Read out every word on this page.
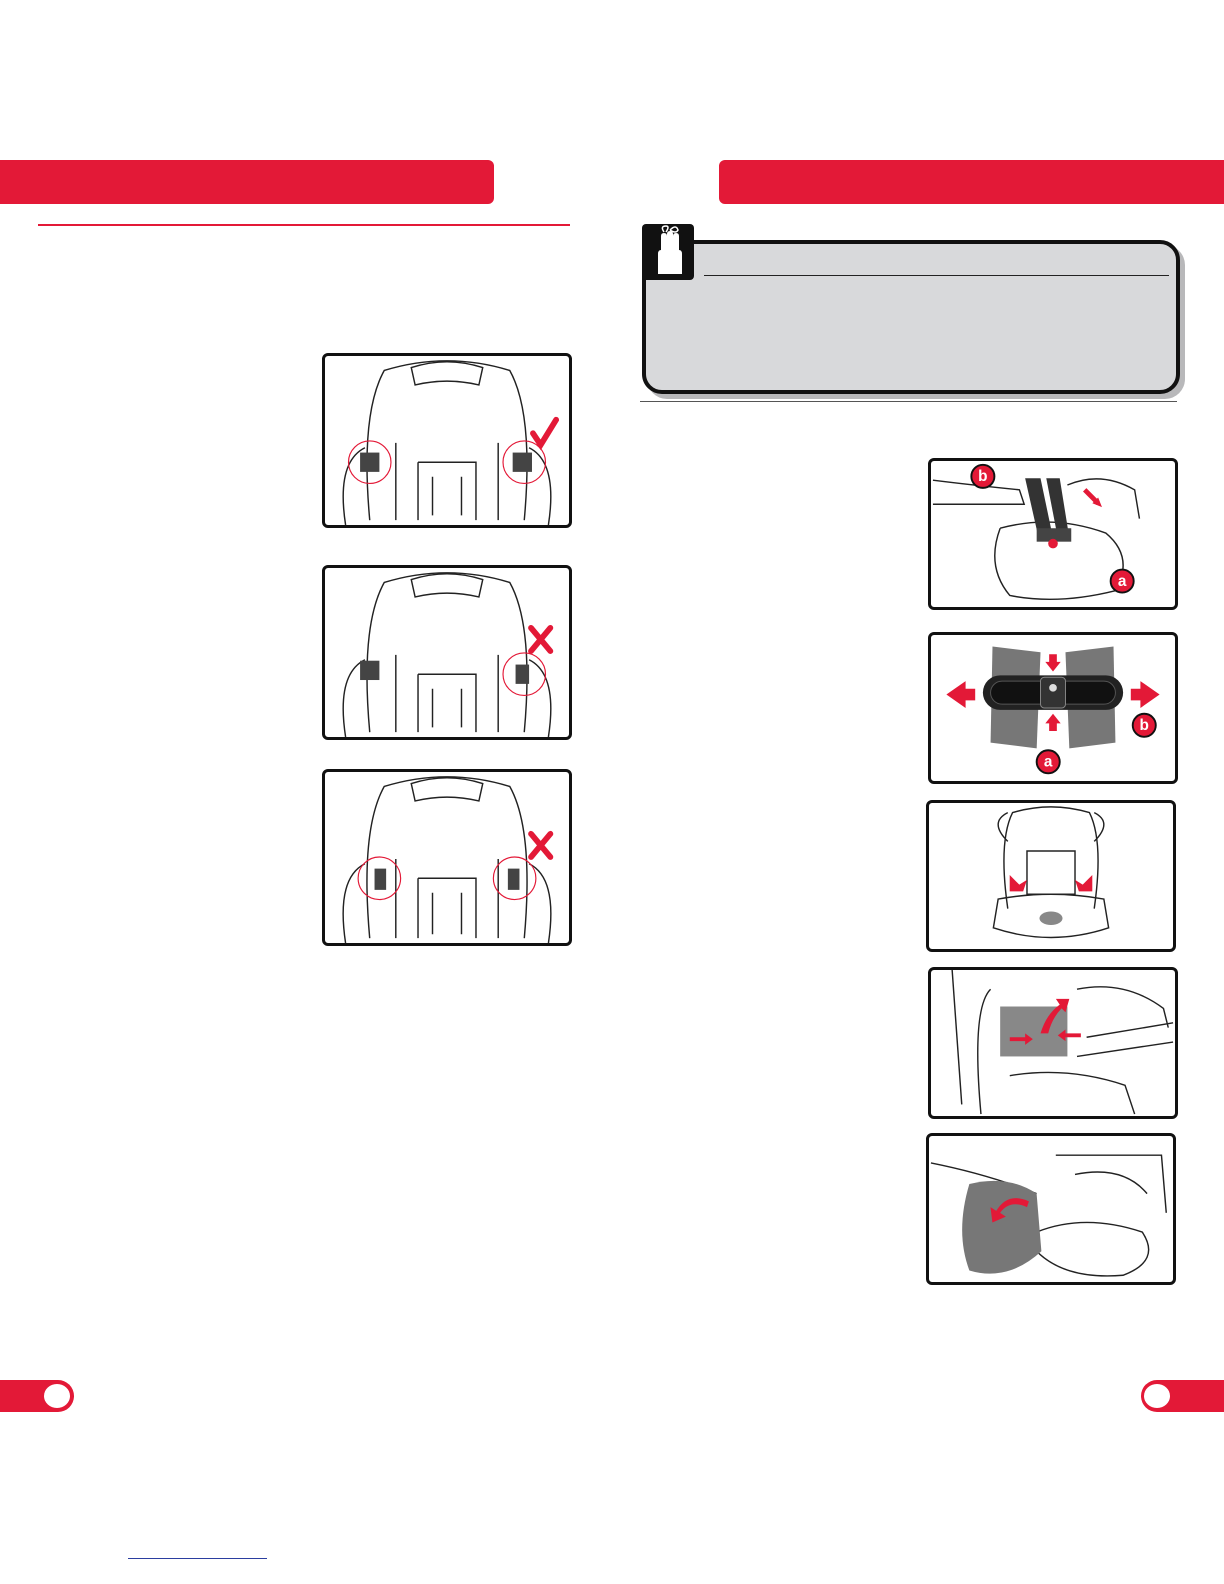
b
a
b
a
